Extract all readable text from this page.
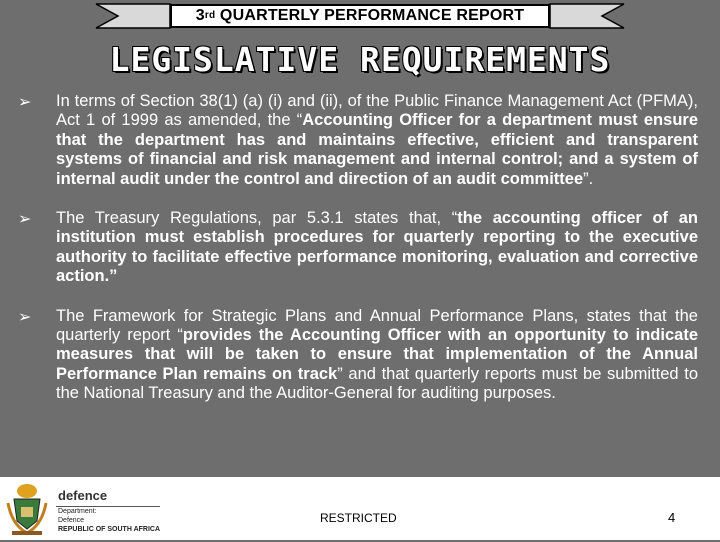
3 rd QUARTERLY PERFORMANCE REPORT
LEGISLATIVE REQUIREMENTS
➢	In terms of Section 38(1) (a) (i) and (ii), of the Public Finance Management Act (PFMA), Act 1 of 1999 as amended, the “Accounting Officer for a department must ensure that the department has and maintains effective, efficient and transparent systems of financial and risk management and internal control; and a system of internal audit under the control and direction of an audit committee”.
➢	The Treasury Regulations, par 5.3.1 states that, “the accounting officer of an institution must establish procedures for quarterly reporting to the executive authority to facilitate effective performance monitoring, evaluation and corrective action.”
➢	The Framework for Strategic Plans and Annual Performance Plans, states that the quarterly report “provides the Accounting Officer with an opportunity to indicate measures that will be taken to ensure that implementation of the Annual Performance Plan remains on track” and that quarterly reports must be submitted to the National Treasury and the Auditor-General for auditing purposes.
defence
Department:
Defence
REPUBLIC OF SOUTH AFRICA
RESTRICTED	4
